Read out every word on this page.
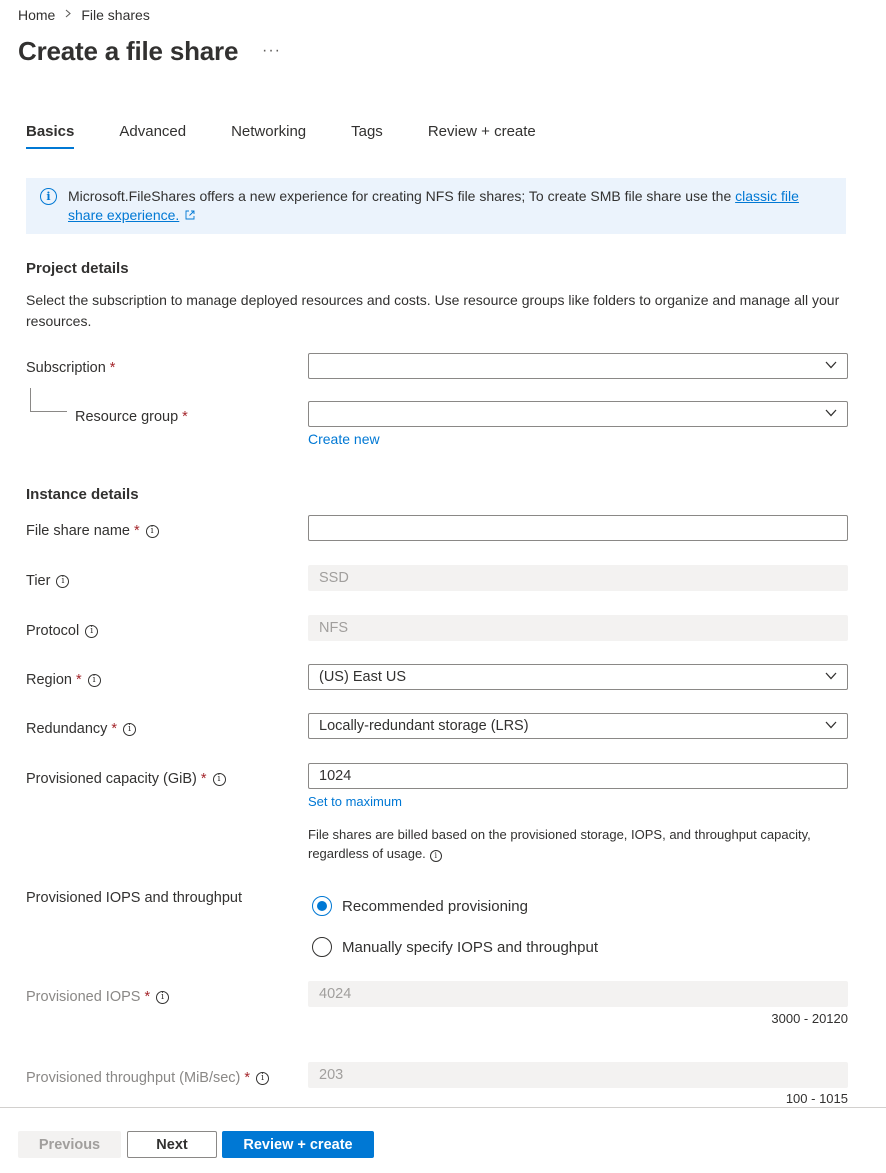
Home File shares
Create a file share ···
Basics	Advanced	Networking	Tags	Review + create
i	Microsoft.FileShares offers a new experience for creating NFS file shares; To create SMB file share use the classic file share experience.
Project details
Select the subscription to manage deployed resources and costs. Use resource groups like folders to organize and manage all your resources.
Subscription *
Resource group *
Create new
Instance details
File share name *	i
Tier	i	SSD
Protocol	i	NFS
Region *	i	(US) East US
Redundancy *	i	Locally-redundant storage (LRS)
Provisioned capacity (GiB) *	i	1024
Set to maximum
File shares are billed based on the provisioned storage, IOPS, and throughput capacity, regardless of usage. i
Provisioned IOPS and throughput	Recommended provisioning
Manually specify IOPS and throughput
Provisioned IOPS *	i	4024
3000 - 20120
Provisioned throughput (MiB/sec) *	i	203
100 - 1015
Previous	Next	Review + create
